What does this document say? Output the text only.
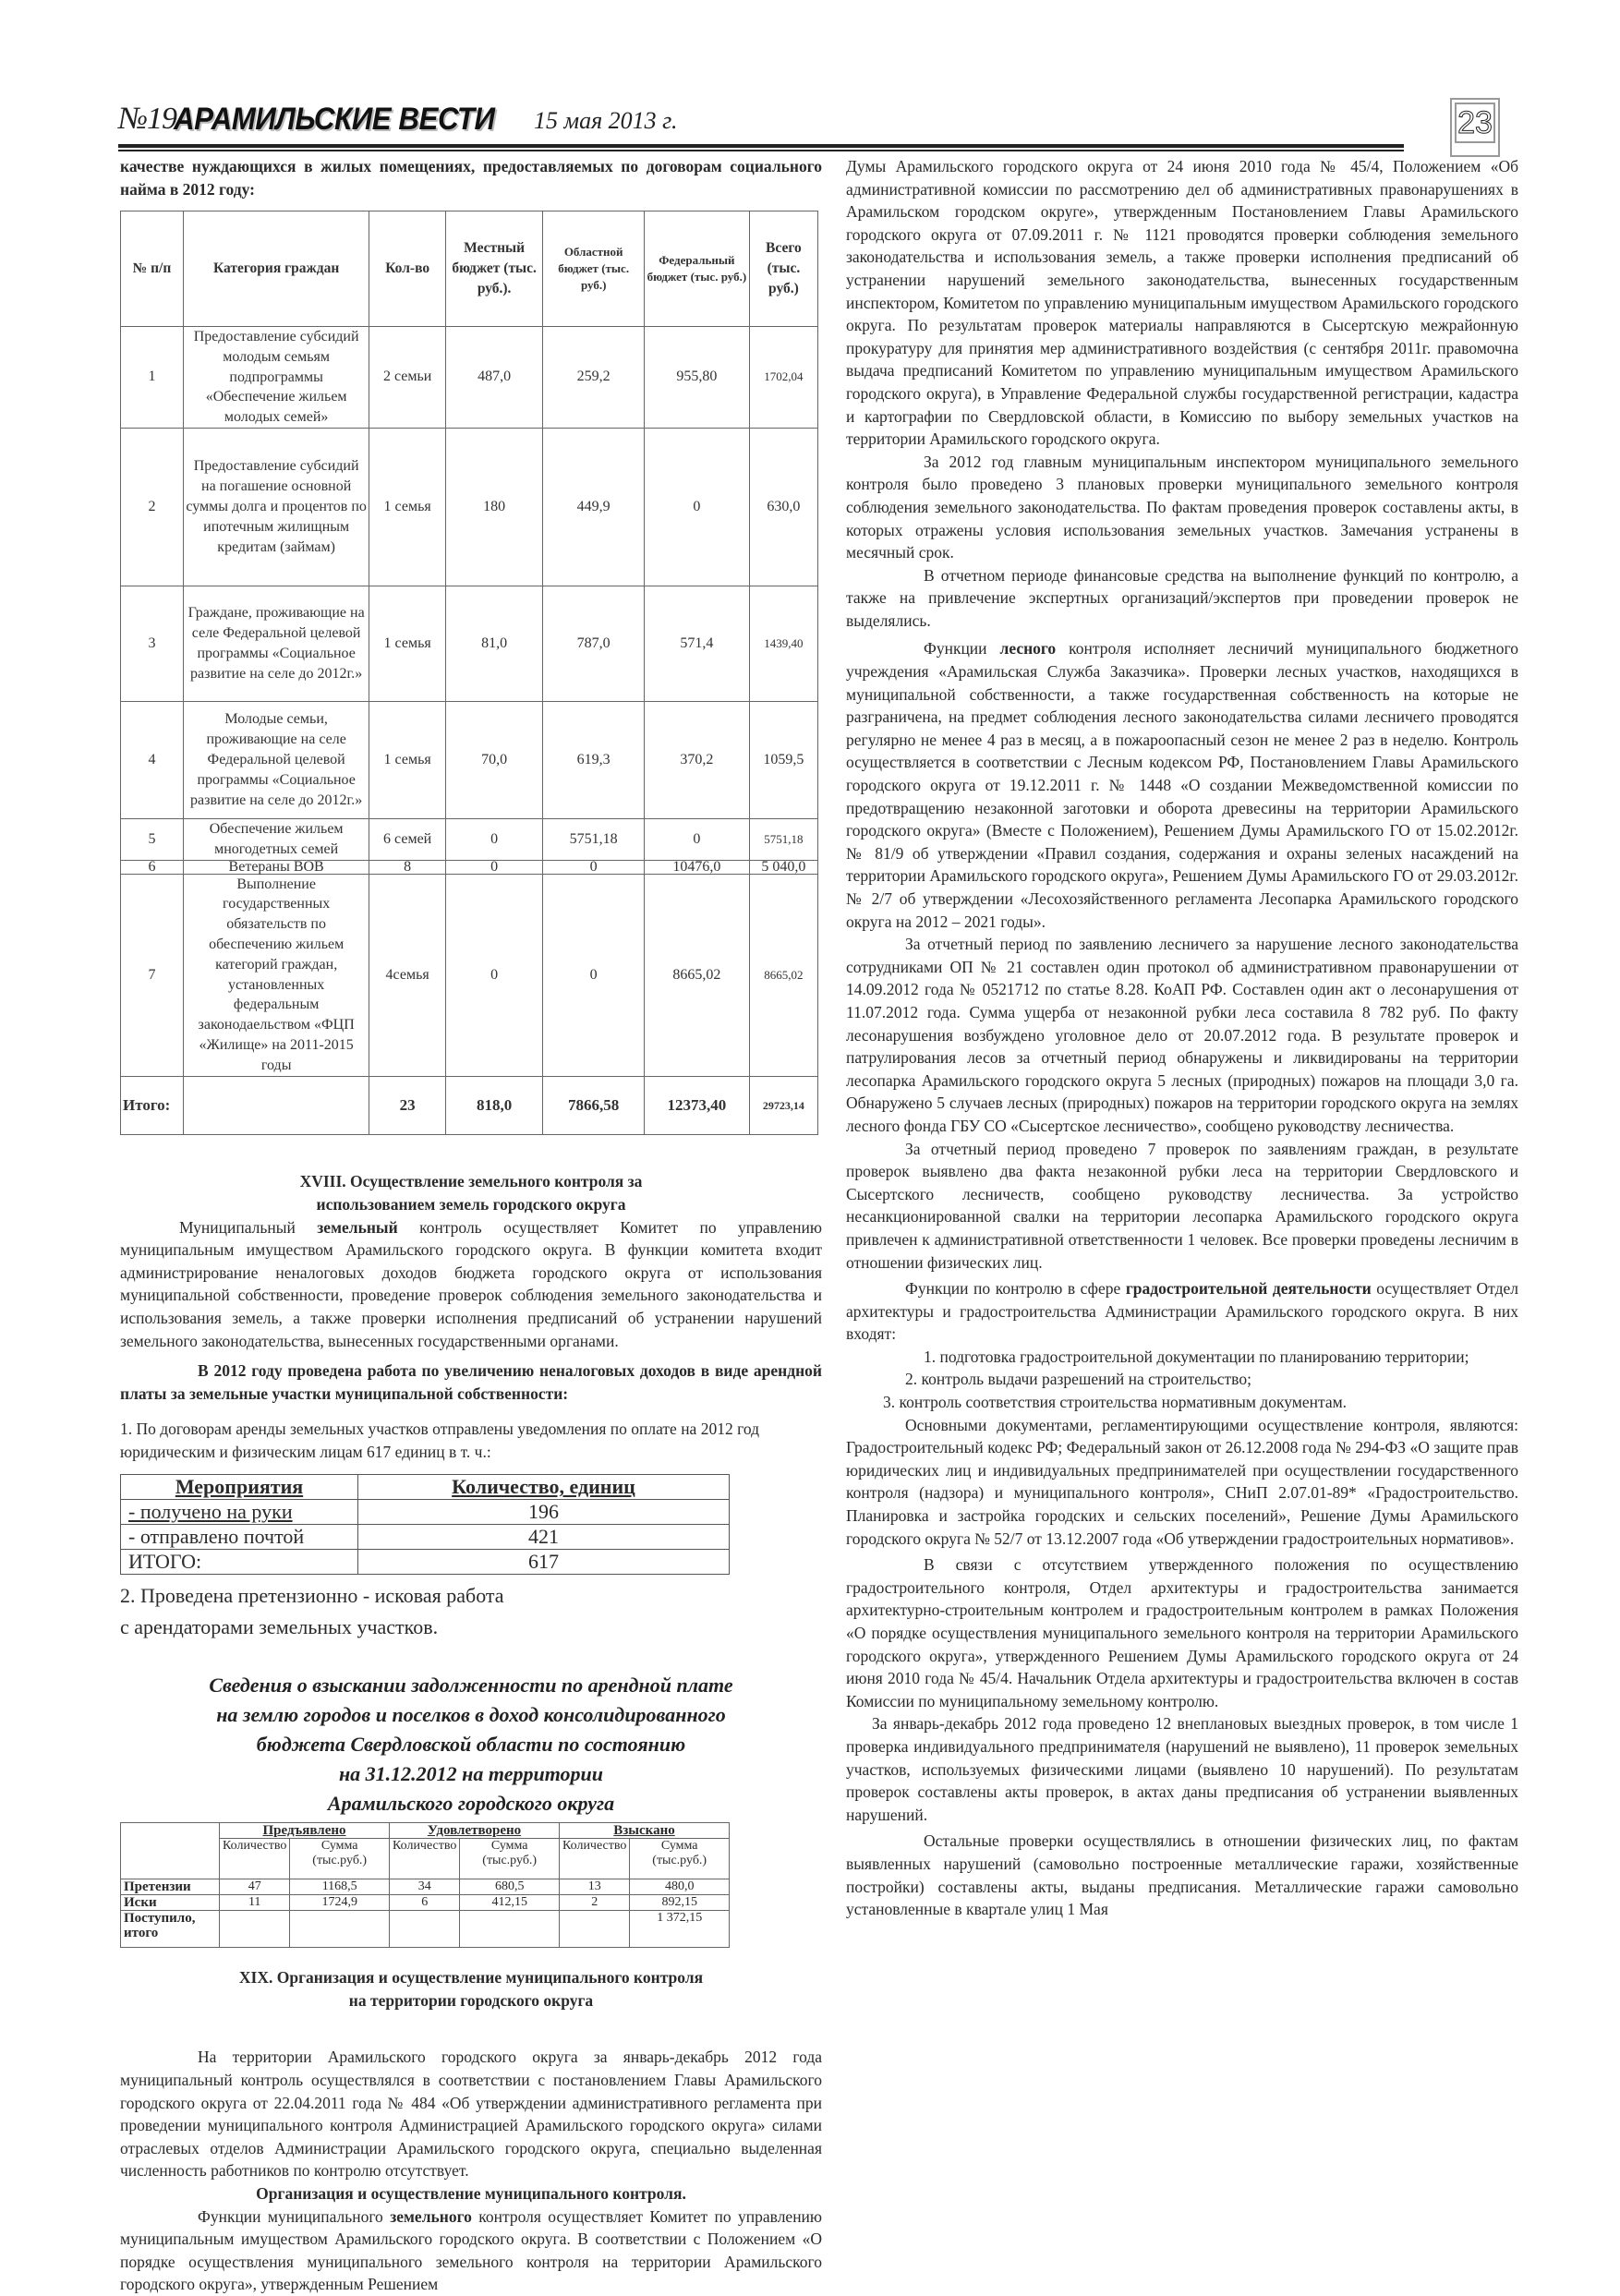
№19
АРАМИЛЬСКИЕ ВЕСТИ 15 мая 2013 г.	23

качестве нуждающихся в жилых помещениях, предоставляемых по договорам социального найма в 2012 году:

№ п/п	Категория граждан	Кол-во	Местный бюджет (тыс. руб.).	Областной бюджет (тыс. руб.)	Федеральный бюджет (тыс. руб.)	Всего (тыс. руб.)
1	Предоставление субсидий молодым семьям подпрограммы «Обеспечение жильем молодых семей»	2 семьи	487,0	259,2	955,80	1702,04
2	Предоставление субсидий на погашение основной суммы долга и процентов по ипотечным жилищным кредитам (займам)	1 семья	180	449,9	0	630,0
3	Граждане, проживающие на селе Федеральной целевой программы «Социальное развитие на селе до 2012г.»	1 семья	81,0	787,0	571,4	1439,40
4	Молодые семьи, проживающие на селе Федеральной целевой программы «Социальное развитие на селе до 2012г.»	1 семья	70,0	619,3	370,2	1059,5
5	Обеспечение жильем многодетных семей	6 семей	0	5751,18	0	5751,18
6	Ветераны ВОВ	8	0	0	10476,0	5 040,0
7	Выполнение государственных обязательств по обеспечению жильем категорий граждан, установленных федеральным законодаельством «ФЦП «Жилище» на 2011-2015 годы	4семья	0	0	8665,02	8665,02
Итого:		23	818,0	7866,58	12373,40	29723,14
XVIII. Осуществление земельного контроля за
использованием земель городского округа

Муниципальный земельный контроль осуществляет Комитет по управлению муниципальным имуществом Арамильского городского округа. В функции комитета входит администрирование неналоговых доходов бюджета городского округа от использования муниципальной собственности, проведение проверок соблюдения земельного законодательства и использования земель, а также проверки исполнения предписаний об устранении нарушений земельного законодательства, вынесенных государственными органами.

В 2012 году проведена работа по увеличению неналоговых доходов в виде арендной платы за земельные участки муниципальной собственности:

1. По договорам аренды земельных участков отправлены уведомления по оплате на 2012 год юридическим и физическим лицам 617 единиц в т. ч.:

Мероприятия	Количество, единиц
- получено на руки	196
- отправлено почтой	421
ИТОГО:	617
2. Проведена претензионно - исковая работа
с арендаторами земельных участков.
Сведения о взыскании задолженности по арендной плате
на землю городов и поселков в доход консолидированного
бюджета Свердловской области по состоянию
на 31.12.2012 на территории
Арамильского городского округа
	Предъявлено		Удовлетворено		Взыскано	
	Количество	Сумма (тыс.руб.)	Количество	Сумма (тыс.руб.)	Количество	Сумма (тыс.руб.)
Претензии	47	1168,5	34	680,5	13	480,0
Иски	11	1724,9	6	412,15	2	892,15
Поступило, итого						1 372,15
XIX. Организация и осуществление муниципального контроля
на территории городского округа

На территории Арамильского городского округа за январь-декабрь 2012 года муниципальный контроль осуществлялся в соответствии с постановлением Главы Арамильского городского округа от 22.04.2011 года № 484 «Об утверждении административного регламента при проведении муниципального контроля Администрацией Арамильского городского округа» силами отраслевых отделов Администрации Арамильского городского округа, специально выделенная численность работников по контролю отсутствует.

Организация и осуществление муниципального контроля.

Функции муниципального земельного контроля осуществляет Комитет по управлению муниципальным имуществом Арамильского городского округа. В соответствии с Положением «О порядке осуществления муниципального земельного контроля на территории Арамильского городского округа», утвержденным Решением

Думы Арамильского городского округа от 24 июня 2010 года № 45/4, Положением «Об административной комиссии по рассмотрению дел об административных правонарушениях в Арамильском городском округе», утвержденным Постановлением Главы Арамильского городского округа от 07.09.2011 г. № 1121 проводятся проверки соблюдения земельного законодательства и использования земель, а также проверки исполнения предписаний об устранении нарушений земельного законодательства, вынесенных государственным инспектором, Комитетом по управлению муниципальным имуществом Арамильского городского округа. По результатам проверок материалы направляются в Сысертскую межрайонную прокуратуру для принятия мер административного воздействия (с сентября 2011г. правомочна выдача предписаний Комитетом по управлению муниципальным имуществом Арамильского городского округа), в Управление Федеральной службы государственной регистрации, кадастра и картографии по Свердловской области, в Комиссию по выбору земельных участков на территории Арамильского городского округа.

За 2012 год главным муниципальным инспектором муниципального земельного контроля было проведено 3 плановых проверки муниципального земельного контроля соблюдения земельного законодательства. По фактам проведения проверок составлены акты, в которых отражены условия использования земельных участков. Замечания устранены в месячный срок.

В отчетном периоде финансовые средства на выполнение функций по контролю, а также на привлечение экспертных организаций/экспертов при проведении проверок не выделялись.

Функции лесного контроля исполняет лесничий муниципального бюджетного учреждения «Арамильская Служба Заказчика». Проверки лесных участков, находящихся в муниципальной собственности, а также государственная собственность на которые не разграничена, на предмет соблюдения лесного законодательства силами лесничего проводятся регулярно не менее 4 раз в месяц, а в пожароопасный сезон не менее 2 раз в неделю. Контроль осуществляется в соответствии с Лесным кодексом РФ, Постановлением Главы Арамильского городского округа от 19.12.2011 г. № 1448 «О создании Межведомственной комиссии по предотвращению незаконной заготовки и оборота древесины на территории Арамильского городского округа» (Вместе с Положением), Решением Думы Арамильского ГО от 15.02.2012г. № 81/9 об утверждении «Правил создания, содержания и охраны зеленых насаждений на территории Арамильского городского округа», Решением Думы Арамильского ГО от 29.03.2012г. № 2/7 об утверждении «Лесохозяйственного регламента Лесопарка Арамильского городского округа на 2012 – 2021 годы».

За отчетный период по заявлению лесничего за нарушение лесного законодательства сотрудниками ОП № 21 составлен один протокол об административном правонарушении от 14.09.2012 года № 0521712 по статье 8.28. КоАП РФ. Составлен один акт о лесонарушения от 11.07.2012 года. Сумма ущерба от незаконной рубки леса составила 8 782 руб. По факту лесонарушения возбуждено уголовное дело от 20.07.2012 года. В результате проверок и патрулирования лесов за отчетный период обнаружены и ликвидированы на территории лесопарка Арамильского городского округа 5 лесных (природных) пожаров на площади 3,0 га. Обнаружено 5 случаев лесных (природных) пожаров на территории городского округа на землях лесного фонда ГБУ СО «Сысертское лесничество», сообщено руководству лесничества.

За отчетный период проведено 7 проверок по заявлениям граждан, в результате проверок выявлено два факта незаконной рубки леса на территории Свердловского и Сысертского лесничеств, сообщено руководству лесничества. За устройство несанкционированной свалки на территории лесопарка Арамильского городского округа привлечен к административной ответственности 1 человек. Все проверки проведены лесничим в отношении физических лиц.

Функции по контролю в сфере градостроительной деятельности осуществляет Отдел архитектуры и градостроительства Администрации Арамильского городского округа. В них входят:

1. подготовка градостроительной документации по планированию территории;

2. контроль выдачи разрешений на строительство;

3. контроль соответствия строительства нормативным документам.

Основными документами, регламентирующими осуществление контроля, являются: Градостроительный кодекс РФ; Федеральный закон от 26.12.2008 года № 294-ФЗ «О защите прав юридических лиц и индивидуальных предпринимателей при осуществлении государственного контроля (надзора) и муниципального контроля», СНиП 2.07.01-89* «Градостроительство. Планировка и застройка городских и сельских поселений», Решение Думы Арамильского городского округа № 52/7 от 13.12.2007 года «Об утверждении градостроительных нормативов».

В связи с отсутствием утвержденного положения по осуществлению градостроительного контроля, Отдел архитектуры и градостроительства занимается архитектурно-строительным контролем и градостроительным контролем в рамках Положения «О порядке осуществления муниципального земельного контроля на территории Арамильского городского округа», утвержденного Решением Думы Арамильского городского округа от 24 июня 2010 года № 45/4. Начальник Отдела архитектуры и градостроительства включен в состав Комиссии по муниципальному земельному контролю.

За январь-декабрь 2012 года проведено 12 внеплановых выездных проверок, в том числе 1 проверка индивидуального предпринимателя (нарушений не выявлено), 11 проверок земельных участков, используемых физическими лицами (выявлено 10 нарушений). По результатам проверок составлены акты проверок, в актах даны предписания об устранении выявленных нарушений.

Остальные проверки осуществлялись в отношении физических лиц, по фактам выявленных нарушений (самовольно построенные металлические гаражи, хозяйственные постройки) составлены акты, выданы предписания. Металлические гаражи самовольно установленные в квартале улиц 1 Мая
